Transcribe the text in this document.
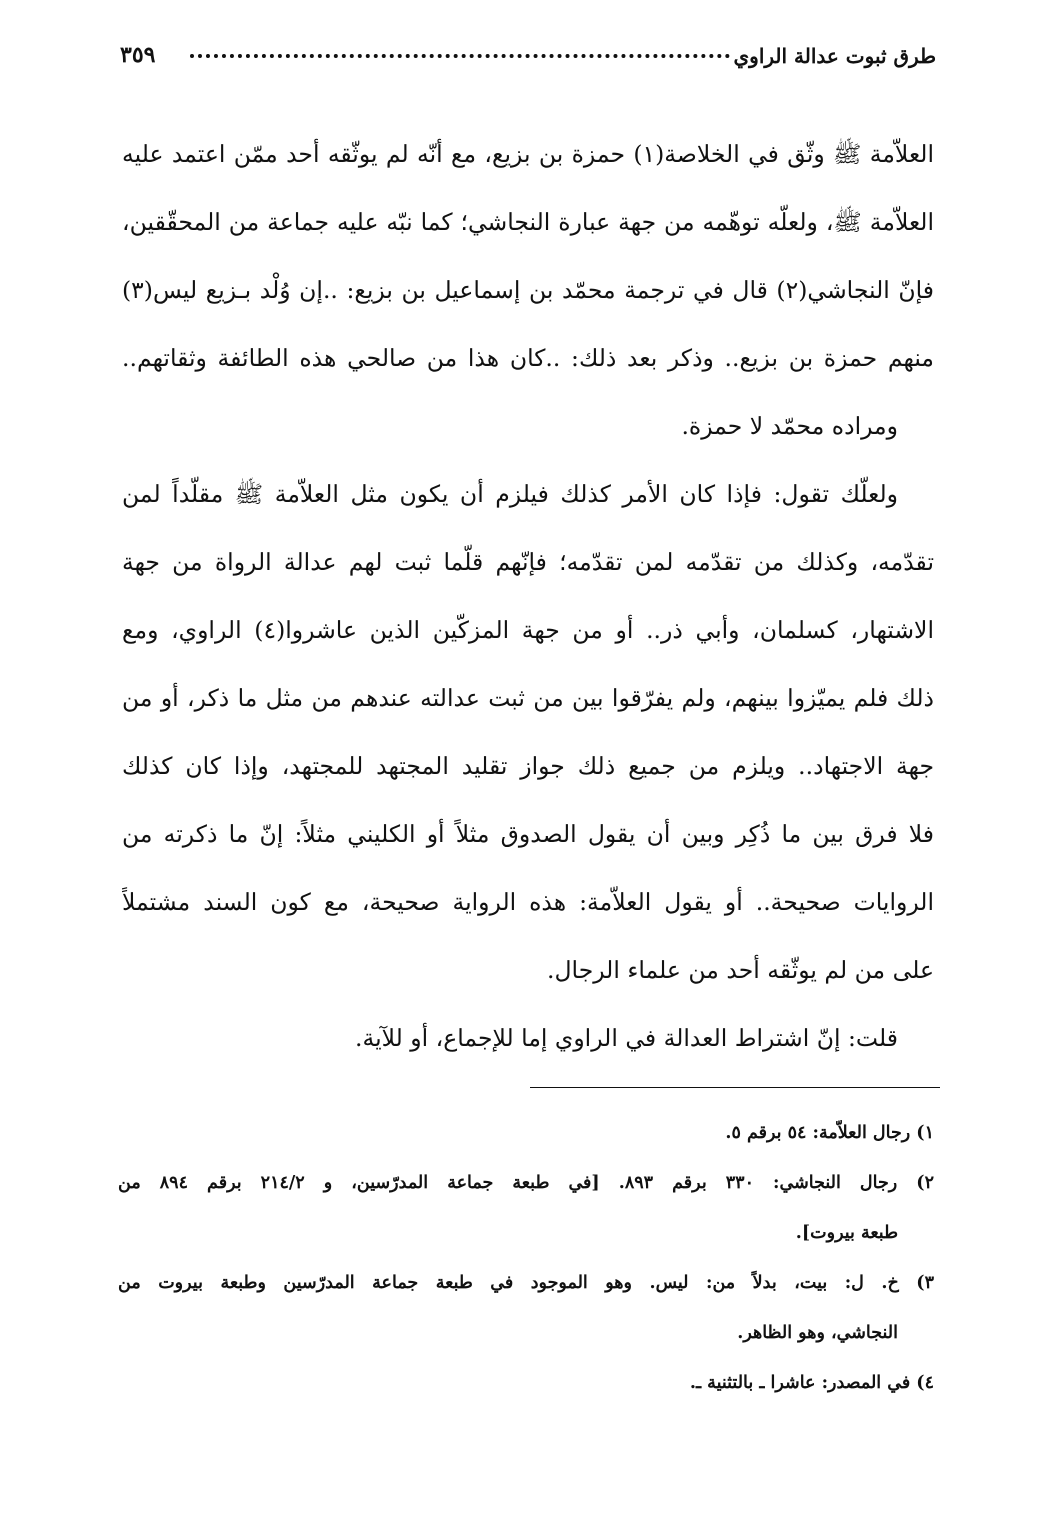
طرق ثبوت عدالة الراوي
٣٥٩
العلاّمة ﷺ وثّق في الخلاصة(١) حمزة بن بزيع، مع أنّه لم يوثّقه أحد ممّن اعتمد عليه
العلاّمة ﷺ، ولعلّه توهّمه من جهة عبارة النجاشي؛ كما نبّه عليه جماعة من المحقّقين،
فإنّ النجاشي(٢) قال في ترجمة محمّد بن إسماعيل بن بزيع: ..إن وُلْد بـزيع ليس(٣)
منهم حمزة بن بزيع.. وذكر بعد ذلك: ..كان هذا من صالحي هذه الطائفة وثقاتهم..
ومراده محمّد لا حمزة.
ولعلّك تقول: فإذا كان الأمر كذلك فيلزم أن يكون مثل العلاّمة ﷺ مقلّداً لمن
تقدّمه، وكذلك من تقدّمه لمن تقدّمه؛ فإنّهم قلّما ثبت لهم عدالة الرواة من جهة
الاشتهار، كسلمان، وأبي ذر.. أو من جهة المزكّين الذين عاشروا(٤) الراوي، ومع
ذلك فلم يميّزوا بينهم، ولم يفرّقوا بين من ثبت عدالته عندهم من مثل ما ذكر، أو من
جهة الاجتهاد.. ويلزم من جميع ذلك جواز تقليد المجتهد للمجتهد، وإذا كان كذلك
فلا فرق بين ما ذُكِر وبين أن يقول الصدوق مثلاً أو الكليني مثلاً: إنّ ما ذكرته من
الروايات صحيحة.. أو يقول العلاّمة: هذه الرواية صحيحة، مع كون السند مشتملاً
على من لم يوثّقه أحد من علماء الرجال.
قلت: إنّ اشتراط العدالة في الراوي إما للإجماع، أو للآية.
١) رجال العلاّمة: ٥٤ برقم ٥.
٢) رجال النجاشي: ٣٣٠ برقم ٨٩٣. [في طبعة جماعة المدرّسين، و ٢١٤/٢ برقم ٨٩٤ من
طبعة بيروت].
٣) خ. ل: بيت، بدلاً من: ليس. وهو الموجود في طبعة جماعة المدرّسين وطبعة بيروت من
النجاشي، وهو الظاهر.
٤) في المصدر: عاشرا ـ بالتثنية ـ.
